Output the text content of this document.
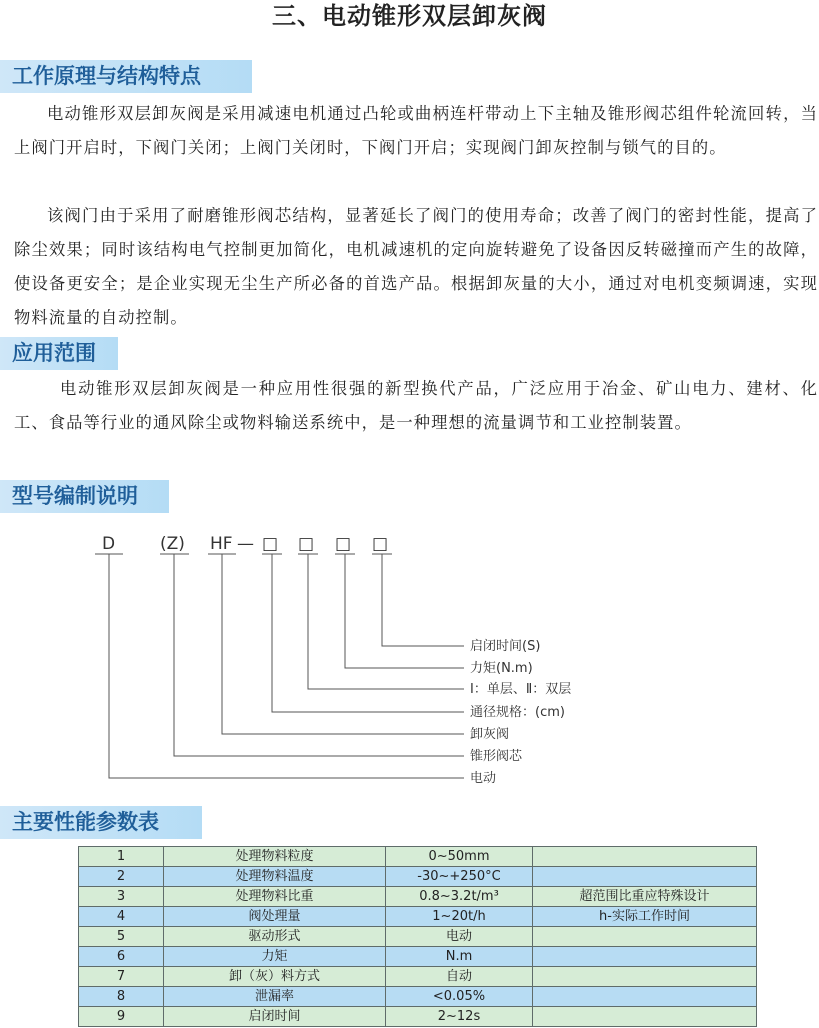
三、电动锥形双层卸灰阀
工作原理与结构特点

电动锥形双层卸灰阀是采用减速电机通过凸轮或曲柄连杆带动上下主轴及锥形阀芯组件轮流回转，当上阀门开启时，下阀门关闭；上阀门关闭时，下阀门开启；实现阀门卸灰控制与锁气的目的。

该阀门由于采用了耐磨锥形阀芯结构，显著延长了阀门的使用寿命；改善了阀门的密封性能，提高了除尘效果；同时该结构电气控制更加简化，电机减速机的定向旋转避免了设备因反转磁撞而产生的故障，使设备更安全；是企业实现无尘生产所必备的首选产品。根据卸灰量的大小，通过对电机变频调速，实现物料流量的自动控制。

应用范围

电动锥形双层卸灰阀是一种应用性很强的新型换代产品，广泛应用于冶金、矿山电力、建材、化工、食品等行业的通风除尘或物料输送系统中，是一种理想的流量调节和工业控制装置。

型号编制说明
D	(Z) HF — □ □ □ □
启闭时间(S)
力矩(N.m)
Ⅰ：单层、Ⅱ：双层
通径规格：(cm)
卸灰阀
锥形阀芯
电动
主要性能参数表
1	处理物料粒度	0~50mm	
2	处理物料温度	-30~+250°C	
3	处理物料比重	0.8~3.2t/m³	超范围比重应特殊设计
4	阀处理量	1~20t/h	h-实际工作时间
5	驱动形式	电动	
6	力矩	N.m	
7	卸（灰）料方式	自动	
8	泄漏率	<0.05%	
9	启闭时间	2~12s	
